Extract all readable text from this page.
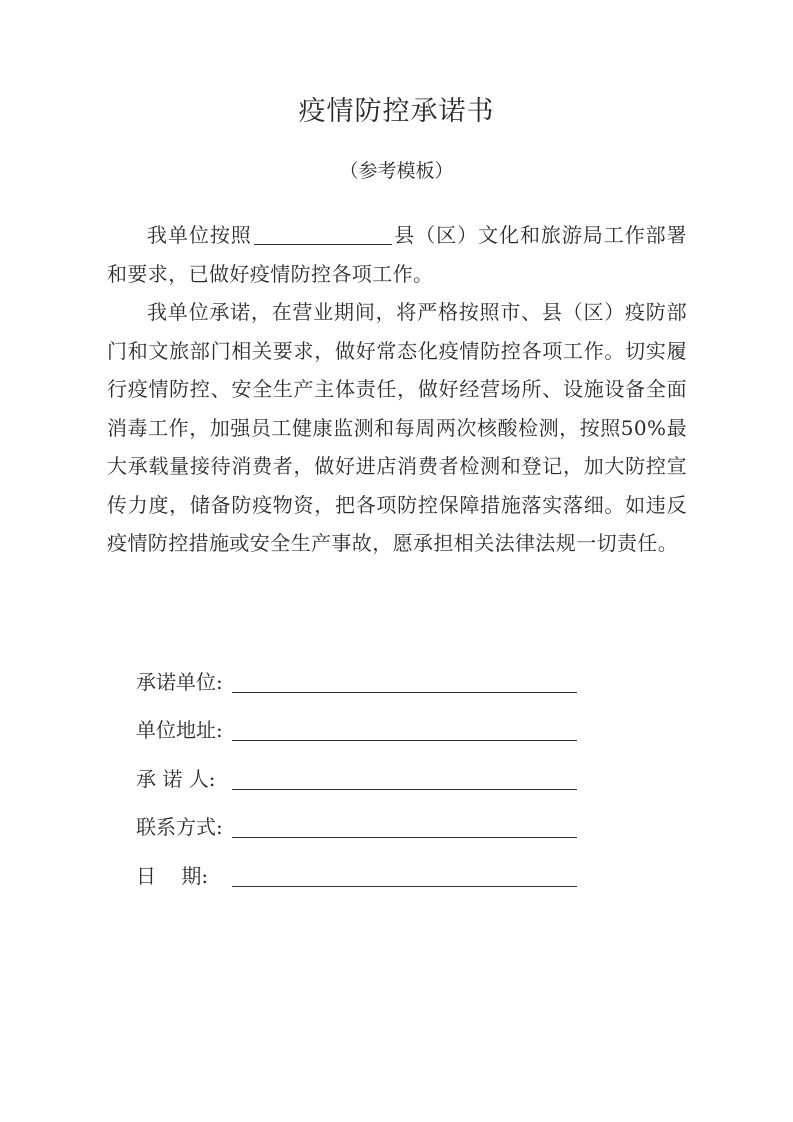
疫情防控承诺书
（参考模板）

我单位按照	县（区）文化和旅游局工作部署和要求，已做好疫情防控各项工作。

我单位承诺，在营业期间，将严格按照市、县（区）疫防部门和文旅部门相关要求，做好常态化疫情防控各项工作。切实履行疫情防控、安全生产主体责任，做好经营场所、设施设备全面消毒工作，加强员工健康监测和每周两次核酸检测，按照50%最大承载量接待消费者，做好进店消费者检测和登记，加大防控宣传力度，储备防疫物资，把各项防控保障措施落实落细。如违反疫情防控措施或安全生产事故，愿承担相关法律法规一切责任。

承诺单位:
单位地址:
承 诺 人:
联系方式:
日    期:
